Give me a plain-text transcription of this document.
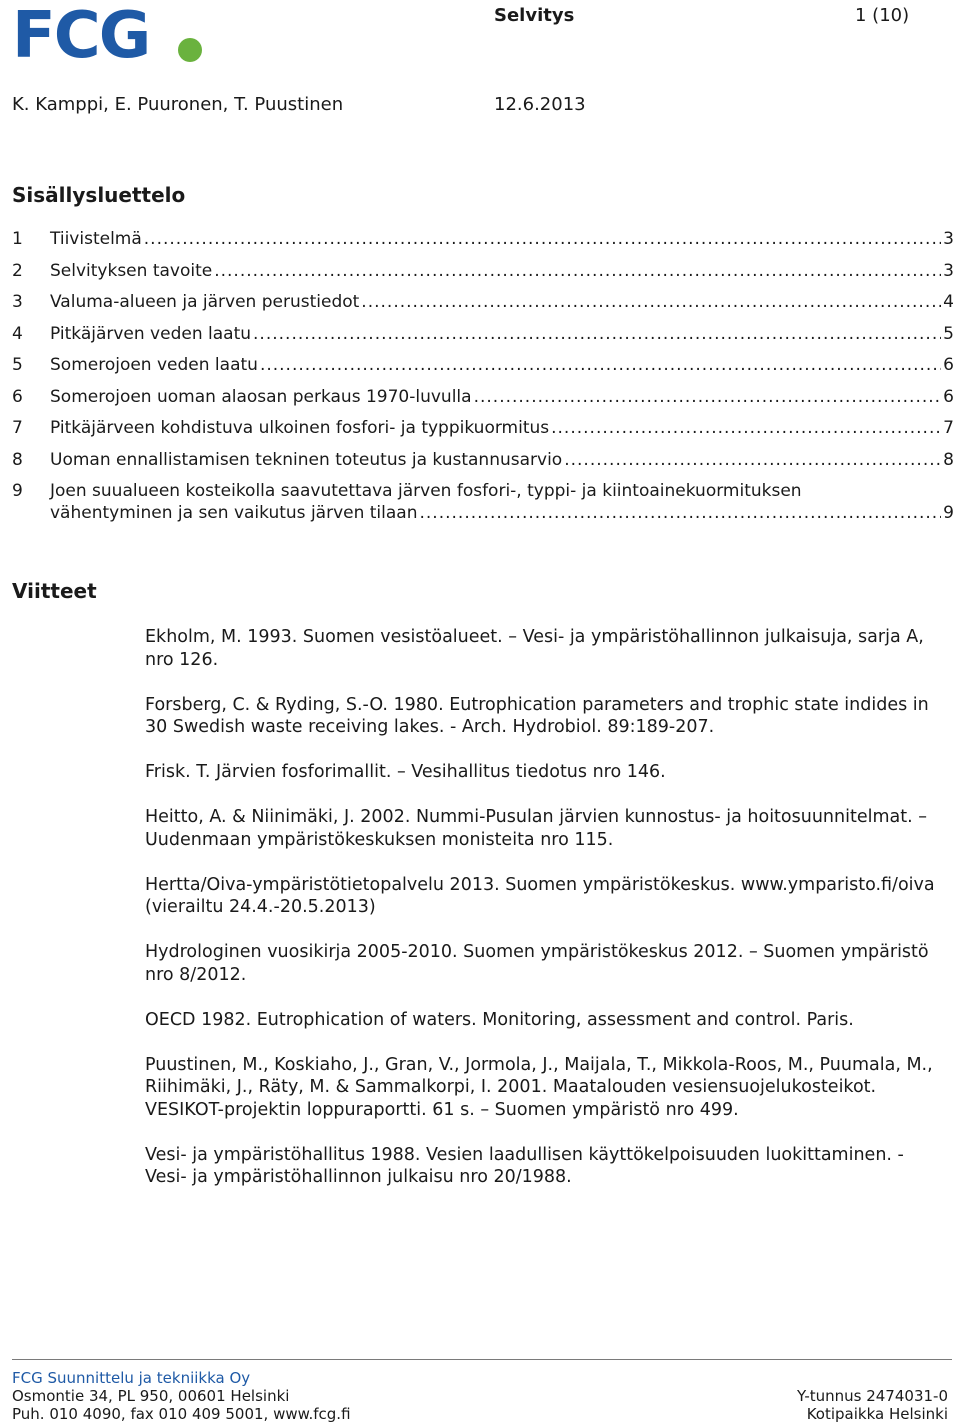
FCG	Selvitys	1 (10)
K. Kamppi, E. Puuronen, T. Puustinen	12.6.2013
Sisällysluettelo
1	Tiivistelmä .....	3
2	Selvityksen tavoite .....	3
3	Valuma-alueen ja järven perustiedot .....	4
4	Pitkäjärven veden laatu .....	5
5	Somerojoen veden laatu .....	6
6	Somerojoen uoman alaosan perkaus 1970-luvulla .....	6
7	Pitkäjärveen kohdistuva ulkoinen fosfori- ja typpikuormitus .....	7
8	Uoman ennallistamisen tekninen toteutus ja kustannusarvio .....	8
9	Joen suualueen kosteikolla saavutettava järven fosfori-, typpi- ja kiintoainekuormituksen
vähentyminen ja sen vaikutus järven tilaan .....	9
Viitteet

Ekholm, M. 1993. Suomen vesistöalueet. – Vesi- ja ympäristöhallinnon julkaisuja, sarja A, nro 126.

Forsberg, C. & Ryding, S.-O. 1980. Eutrophication parameters and trophic state indides in 30 Swedish waste receiving lakes. - Arch. Hydrobiol. 89:189-207.

Frisk. T. Järvien fosforimallit. – Vesihallitus tiedotus nro 146.

Heitto, A. & Niinimäki, J. 2002. Nummi-Pusulan järvien kunnostus- ja hoitosuunnitelmat. – Uudenmaan ympäristökeskuksen monisteita nro 115.

Hertta/Oiva-ympäristötietopalvelu 2013. Suomen ympäristökeskus. www.ymparisto.fi/oiva (vierailtu 24.4.-20.5.2013)

Hydrologinen vuosikirja 2005-2010. Suomen ympäristökeskus 2012. – Suomen ympäristö nro 8/2012.

OECD 1982. Eutrophication of waters. Monitoring, assessment and control. Paris.

Puustinen, M., Koskiaho, J., Gran, V., Jormola, J., Maijala, T., Mikkola-Roos, M., Puumala, M., Riihimäki, J., Räty, M. & Sammalkorpi, I. 2001. Maatalouden vesiensuojelukosteikot. VESIKOT-projektin loppuraportti. 61 s. – Suomen ympäristö nro 499.

Vesi- ja ympäristöhallitus 1988. Vesien laadullisen käyttökelpoisuuden luokittaminen. - Vesi- ja ympäristöhallinnon julkaisu nro 20/1988.

FCG Suunnittelu ja tekniikka Oy
Osmontie 34, PL 950, 00601 Helsinki
Puh. 010 4090, fax 010 409 5001, www.fcg.fi
Y-tunnus 2474031-0
Kotipaikka Helsinki
